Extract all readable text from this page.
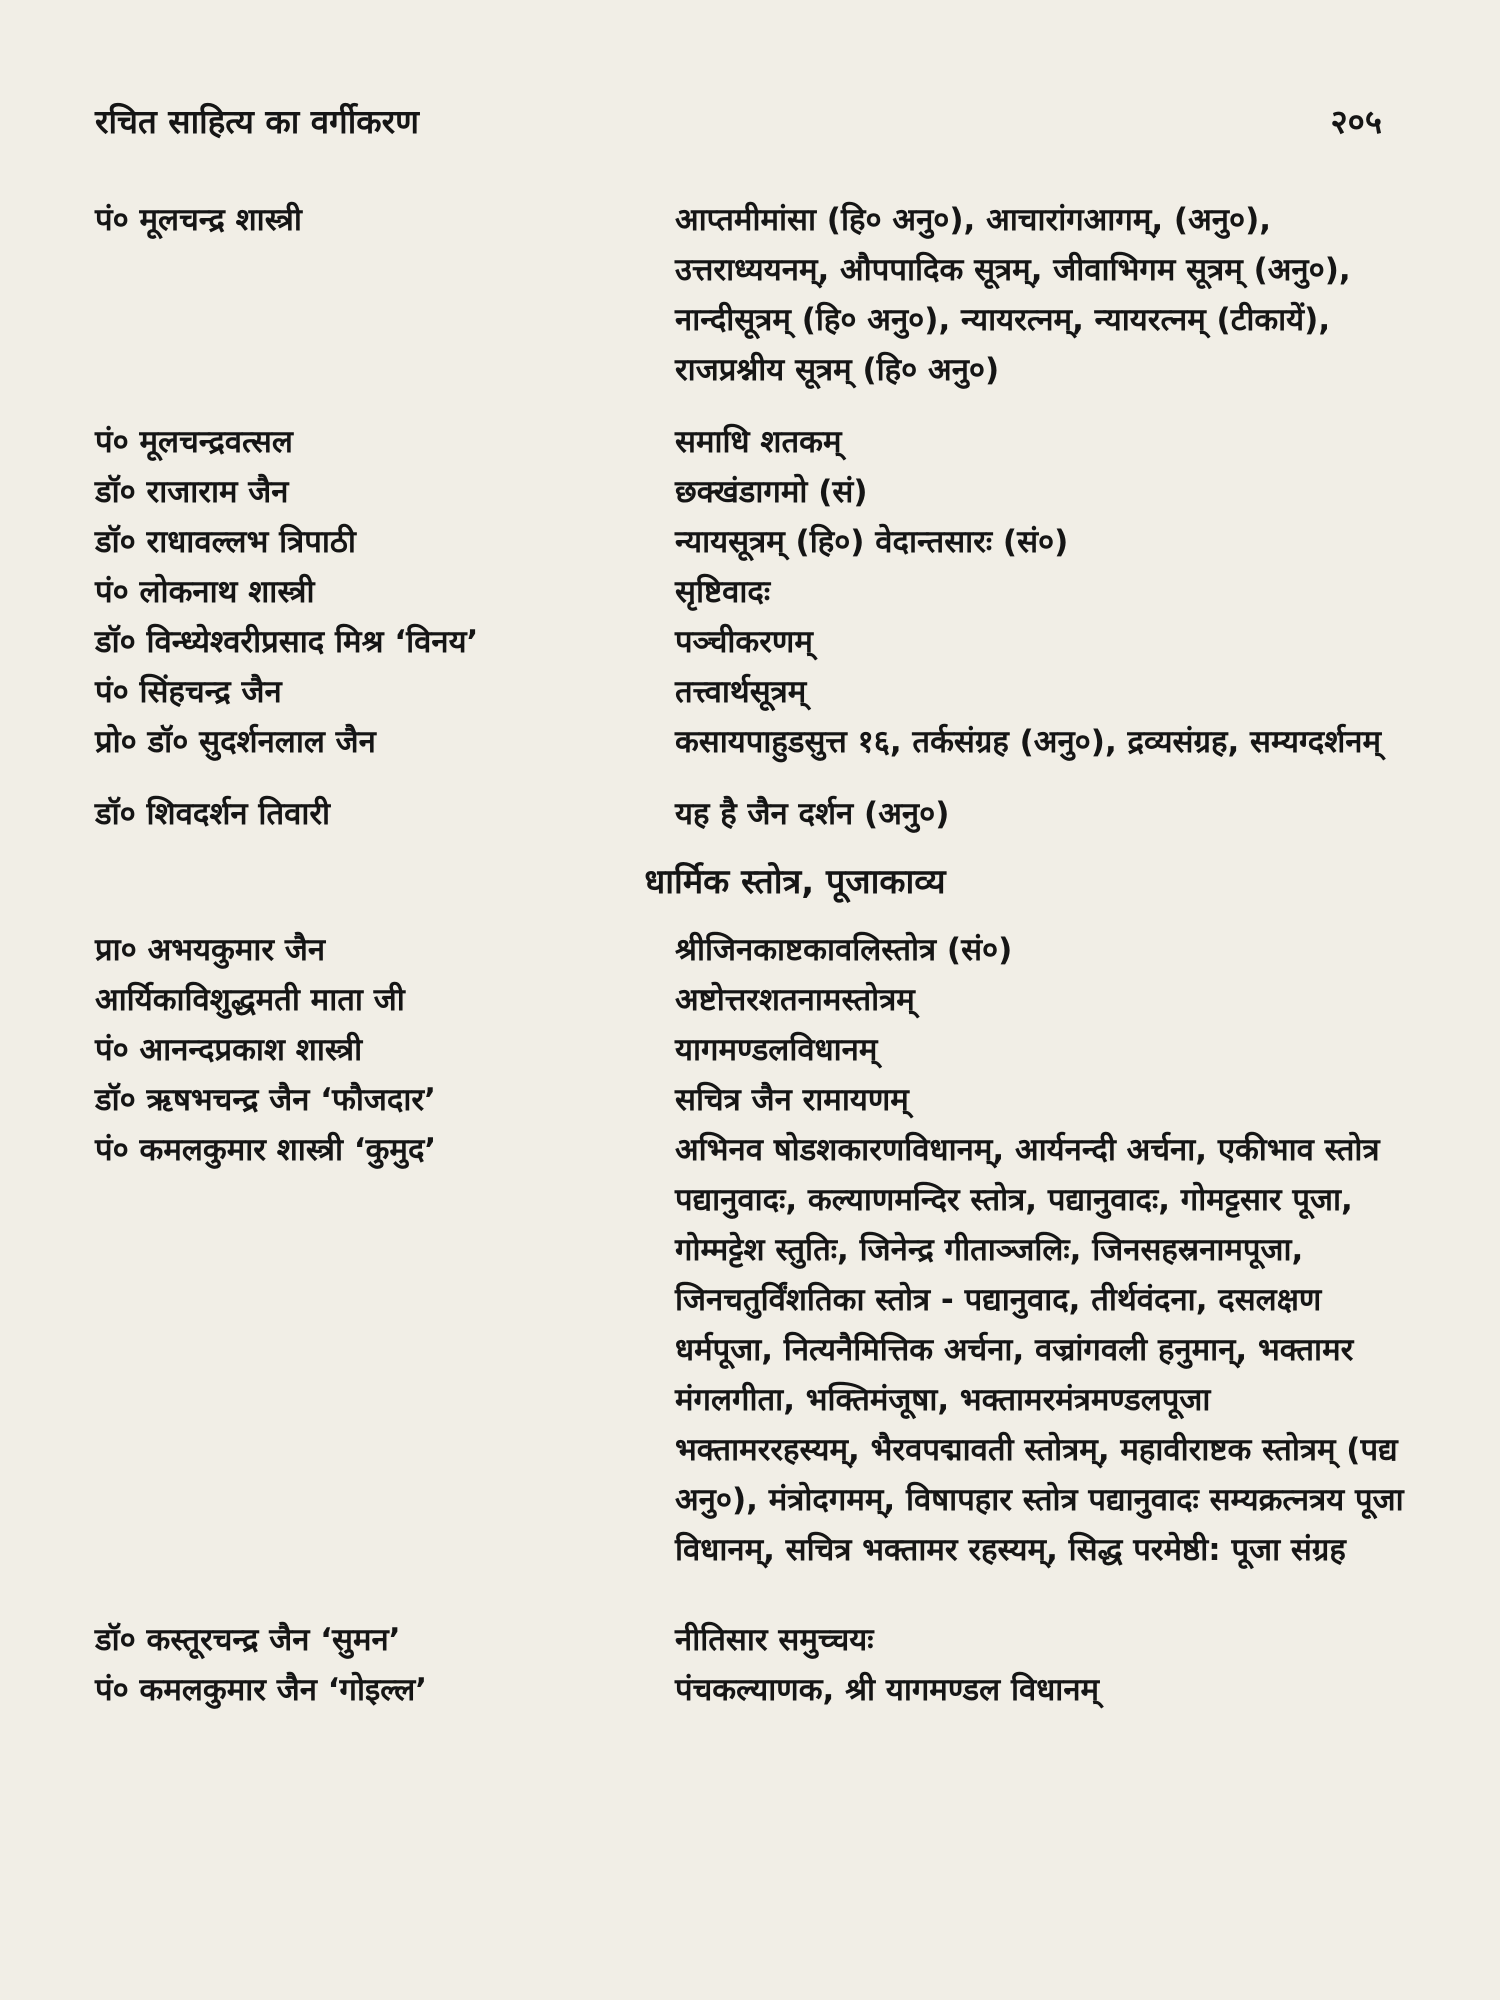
रचित साहित्य का वर्गीकरण	२०५
पं० मूलचन्द्र शास्त्री	आप्तमीमांसा (हि० अनु०), आचारांगआगम्, (अनु०), उत्तराध्ययनम्, औपपादिक सूत्रम्, जीवाभिगम सूत्रम् (अनु०), नान्दीसूत्रम् (हि० अनु०), न्यायरत्नम्, न्यायरत्नम् (टीकायें), राजप्रश्नीय सूत्रम् (हि० अनु०)
पं० मूलचन्द्रवत्सल	समाधि शतकम्
डॉ० राजाराम जैन	छक्खंडागमो (सं)
डॉ० राधावल्लभ त्रिपाठी	न्यायसूत्रम् (हि०) वेदान्तसारः (सं०)
पं० लोकनाथ शास्त्री	सृष्टिवादः
डॉ० विन्ध्येश्वरीप्रसाद मिश्र ‘विनय’	पञ्चीकरणम्
पं० सिंहचन्द्र जैन	तत्त्वार्थसूत्रम्
प्रो० डॉ० सुदर्शनलाल जैन	कसायपाहुडसुत्त १६, तर्कसंग्रह (अनु०), द्रव्यसंग्रह, सम्यग्दर्शनम्
डॉ० शिवदर्शन तिवारी	यह है जैन दर्शन (अनु०)
धार्मिक स्तोत्र, पूजाकाव्य
प्रा० अभयकुमार जैन	श्रीजिनकाष्टकावलिस्तोत्र (सं०)
आर्यिकाविशुद्धमती माता जी	अष्टोत्तरशतनामस्तोत्रम्
पं० आनन्दप्रकाश शास्त्री	यागमण्डलविधानम्
डॉ० ऋषभचन्द्र जैन ‘फौजदार’	सचित्र जैन रामायणम्
पं० कमलकुमार शास्त्री ‘कुमुद’	अभिनव षोडशकारणविधानम्, आर्यनन्दी अर्चना, एकीभाव स्तोत्र पद्यानुवादः, कल्याणमन्दिर स्तोत्र, पद्यानुवादः, गोमट्टसार पूजा, गोम्मट्टेश स्तुतिः, जिनेन्द्र गीताञ्जलिः, जिनसहस्रनामपूजा, जिनचतुर्विंशतिका स्तोत्र - पद्यानुवाद, तीर्थवंदना, दसलक्षण धर्मपूजा, नित्यनैमित्तिक अर्चना, वज्रांगवली हनुमान्, भक्तामर मंगलगीता, भक्तिमंजूषा, भक्तामरमंत्रमण्डलपूजा भक्तामररहस्यम्, भैरवपद्मावती स्तोत्रम्, महावीराष्टक स्तोत्रम् (पद्य अनु०), मंत्रोदगमम्, विषापहार स्तोत्र पद्यानुवादः सम्यक्रत्नत्रय पूजा विधानम्, सचित्र भक्तामर रहस्यम्, सिद्ध परमेष्ठी: पूजा संग्रह
डॉ० कस्तूरचन्द्र जैन ‘सुमन’	नीतिसार समुच्चयः
पं० कमलकुमार जैन ‘गोइल्ल’	पंचकल्याणक, श्री यागमण्डल विधानम्
